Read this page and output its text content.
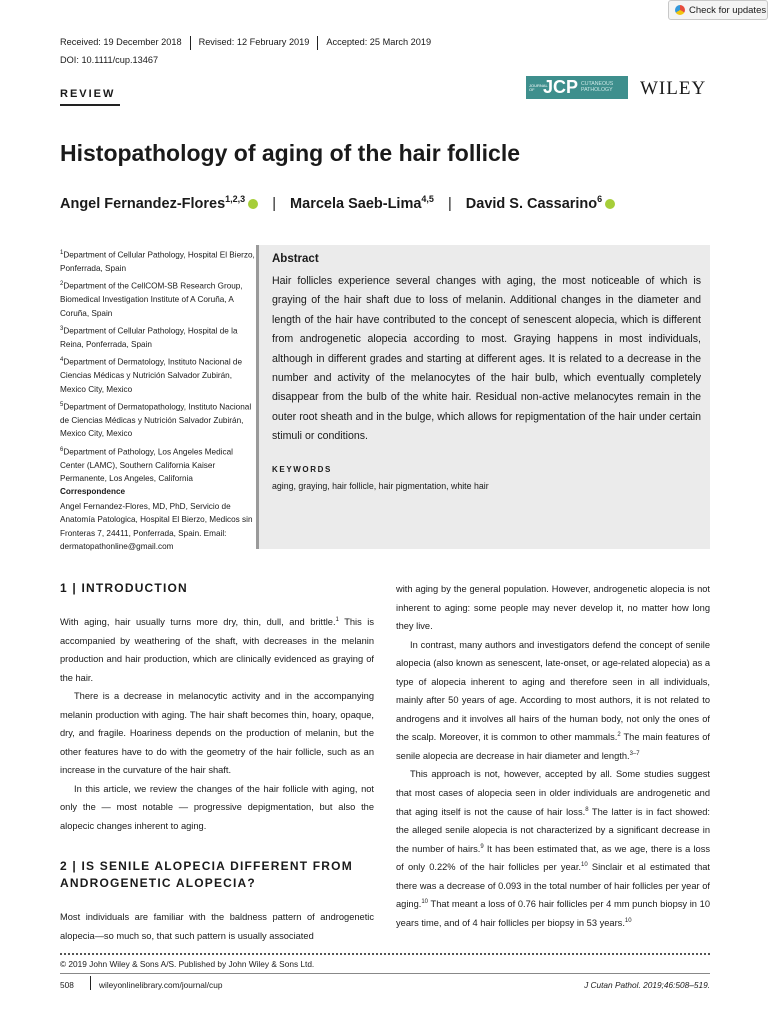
Check for updates
Received: 19 December 2018 Revised: 12 February 2019 Accepted: 25 March 2019
DOI: 10.1111/cup.13467
REVIEW
JOURNAL OF JCP CUTANEOUS
PATHOLOGY WILEY
Histopathology of aging of the hair follicle
Angel Fernandez-Flores$^{1,2,3}$ | Marcela Saeb-Lima$^{4,5}$ | David S. Cassarino$^6$

$^1$Department of Cellular Pathology, Hospital El Bierzo, Ponferrada, Spain

$^2$Department of the CellCOM-SB Research Group, Biomedical Investigation Institute of A Coruña, A Coruña, Spain

$^3$Department of Cellular Pathology, Hospital de la Reina, Ponferrada, Spain

$^4$Department of Dermatology, Instituto Nacional de Ciencias Médicas y Nutrición Salvador Zubirán, Mexico City, Mexico

$^5$Department of Dermatopathology, Instituto Nacional de Ciencias Médicas y Nutrición Salvador Zubirán, Mexico City, Mexico

$^6$Department of Pathology, Los Angeles Medical Center (LAMC), Southern California Kaiser Permanente, Los Angeles, California

Correspondence
Angel Fernandez-Flores, MD, PhD, Servicio de Anatomía Patologica, Hospital El Bierzo, Medicos sin Fronteras 7, 24411, Ponferrada, Spain. Email: dermatopathonline@gmail.com
Abstract
Hair follicles experience several changes with aging, the most noticeable of which is graying of the hair shaft due to loss of melanin. Additional changes in the diameter and length of the hair have contributed to the concept of senescent alopecia, which is different from androgenetic alopecia according to most. Graying happens in most individuals, although in different grades and starting at different ages. It is related to a decrease in the number and activity of the melanocytes of the hair bulb, which eventually completely disappear from the bulb of the white hair. Residual non-active melanocytes remain in the outer root sheath and in the bulge, which allows for repigmentation of the hair under certain stimuli or conditions.
KEYWORDS
aging, graying, hair follicle, hair pigmentation, white hair
1 | INTRODUCTION

With aging, hair usually turns more dry, thin, dull, and brittle.$^1$ This is accompanied by weathering of the shaft, with decreases in the melanin production and hair production, which are clinically evidenced as graying of the hair.

There is a decrease in melanocytic activity and in the accompanying melanin production with aging. The hair shaft becomes thin, hoary, opaque, dry, and fragile. Hoariness depends on the production of melanin, but the other features have to do with the geometry of the hair follicle, such as an increase in the curvature of the hair shaft.

In this article, we review the changes of the hair follicle with aging, not only the — most notable — progressive depigmentation, but also the alopecic changes inherent to aging.

2 | IS SENILE ALOPECIA DIFFERENT FROM ANDROGENETIC ALOPECIA?

Most individuals are familiar with the baldness pattern of androgenetic alopecia—so much so, that such pattern is usually associated

with aging by the general population. However, androgenetic alopecia is not inherent to aging: some people may never develop it, no matter how long they live.

In contrast, many authors and investigators defend the concept of senile alopecia (also known as senescent, late-onset, or age-related alopecia) as a type of alopecia inherent to aging and therefore seen in all individuals, mainly after 50 years of age. According to most authors, it is not related to androgens and it involves all hairs of the human body, not only the ones of the scalp. Moreover, it is common to other mammals.$^2$ The main features of senile alopecia are decrease in hair diameter and length.$^{3-7}$

This approach is not, however, accepted by all. Some studies suggest that most cases of alopecia seen in older individuals are androgenetic and that aging itself is not the cause of hair loss.$^8$ The latter is in fact showed: the alleged senile alopecia is not characterized by a significant decrease in the number of hairs.$^9$ It has been estimated that, as we age, there is a loss of only 0.22% of the hair follicles per year.$^{10}$ Sinclair et al estimated that there was a decrease of 0.093 in the total number of hair follicles per year of aging.$^{10}$ That meant a loss of 0.76 hair follicles per 4 mm punch biopsy in 10 years time, and of 4 hair follicles per biopsy in 53 years.$^{10}$

© 2019 John Wiley & Sons A/S. Published by John Wiley & Sons Ltd.
508	wileyonlinelibrary.com/journal/cup	J Cutan Pathol. 2019;46:508–519.
